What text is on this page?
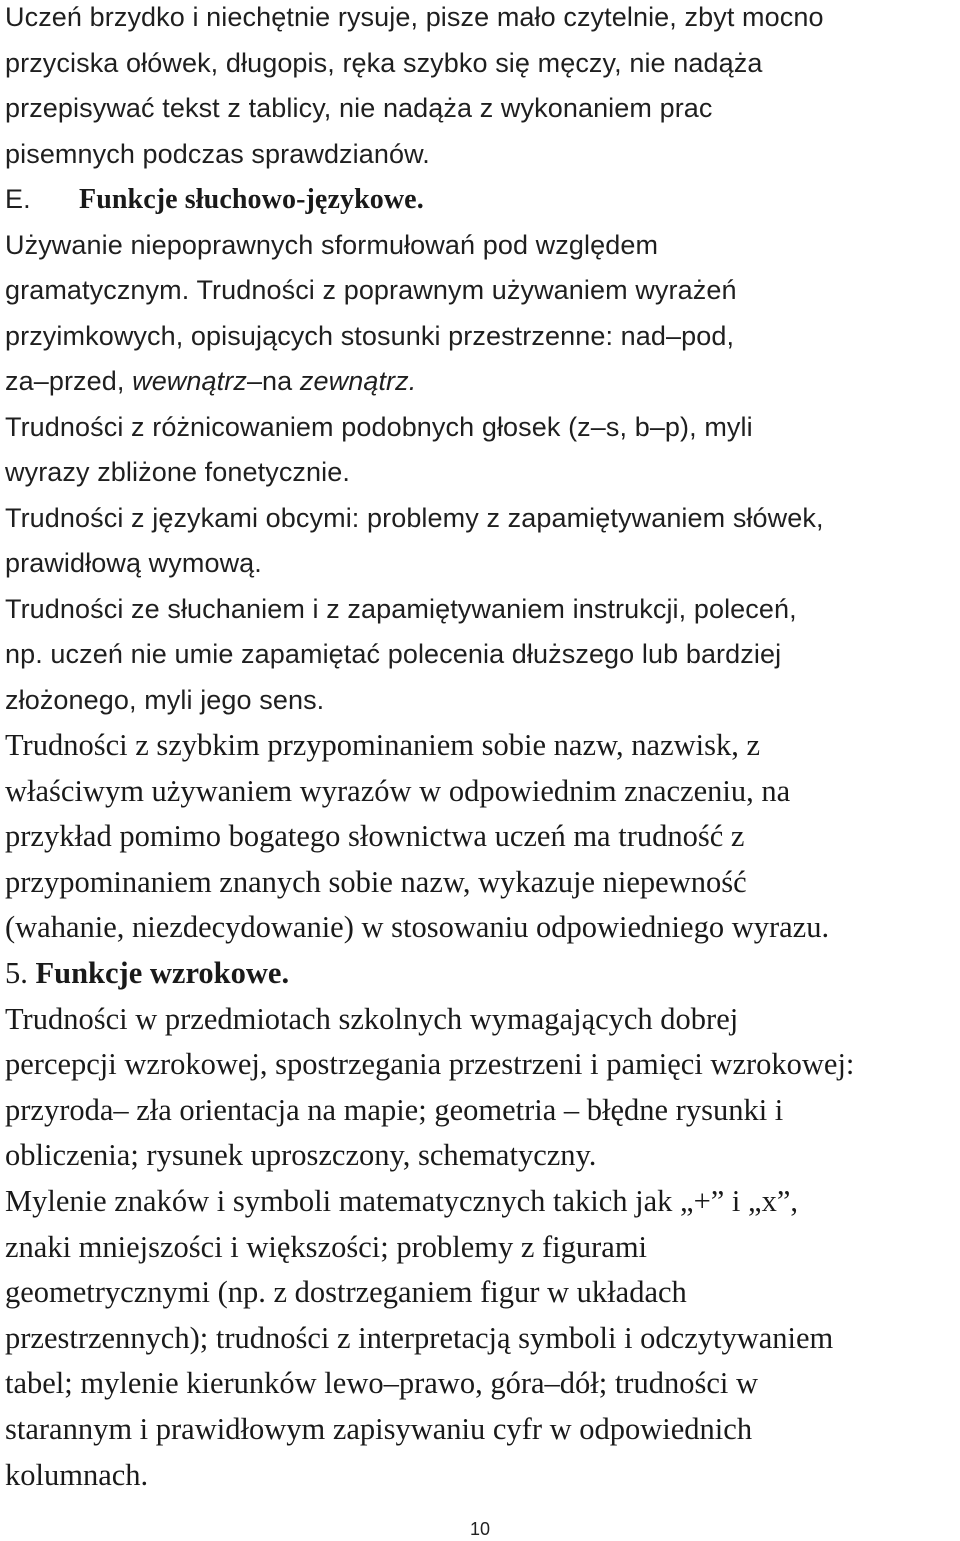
Uczeń brzydko i niechętnie rysuje, pisze mało czytelnie, zbyt mocno
przyciska ołówek, długopis, ręka szybko się męczy, nie nadąża
przepisywać tekst z tablicy, nie nadąża z wykonaniem prac
pisemnych podczas sprawdzianów.
E. Funkcje słuchowo-językowe.
Używanie niepoprawnych sformułowań pod względem
gramatycznym. Trudności z poprawnym używaniem wyrażeń
przyimkowych, opisujących stosunki przestrzenne: nad–pod,
za–przed, wewnątrz–na zewnątrz.
Trudności z różnicowaniem podobnych głosek (z–s, b–p), myli
wyrazy zbliżone fonetycznie.
Trudności z językami obcymi: problemy z zapamiętywaniem słówek,
prawidłową wymową.
Trudności ze słuchaniem i z zapamiętywaniem instrukcji, poleceń,
np. uczeń nie umie zapamiętać polecenia dłuższego lub bardziej
złożonego, myli jego sens.
Trudności z szybkim przypominaniem sobie nazw, nazwisk, z
właściwym używaniem wyrazów w odpowiednim znaczeniu, na
przykład pomimo bogatego słownictwa uczeń ma trudność z
przypominaniem znanych sobie nazw, wykazuje niepewność
(wahanie, niezdecydowanie) w stosowaniu odpowiedniego wyrazu.
5. Funkcje wzrokowe.
Trudności w przedmiotach szkolnych wymagających dobrej
percepcji wzrokowej, spostrzegania przestrzeni i pamięci wzrokowej:
przyroda– zła orientacja na mapie; geometria – błędne rysunki i
obliczenia; rysunek uproszczony, schematyczny.
Mylenie znaków i symboli matematycznych takich jak „+” i „x”,
znaki mniejszości i większości; problemy z figurami
geometrycznymi (np. z dostrzeganiem figur w układach
przestrzennych); trudności z interpretacją symboli i odczytywaniem
tabel; mylenie kierunków lewo–prawo, góra–dół; trudności w
starannym i prawidłowym zapisywaniu cyfr w odpowiednich
kolumnach.
10
